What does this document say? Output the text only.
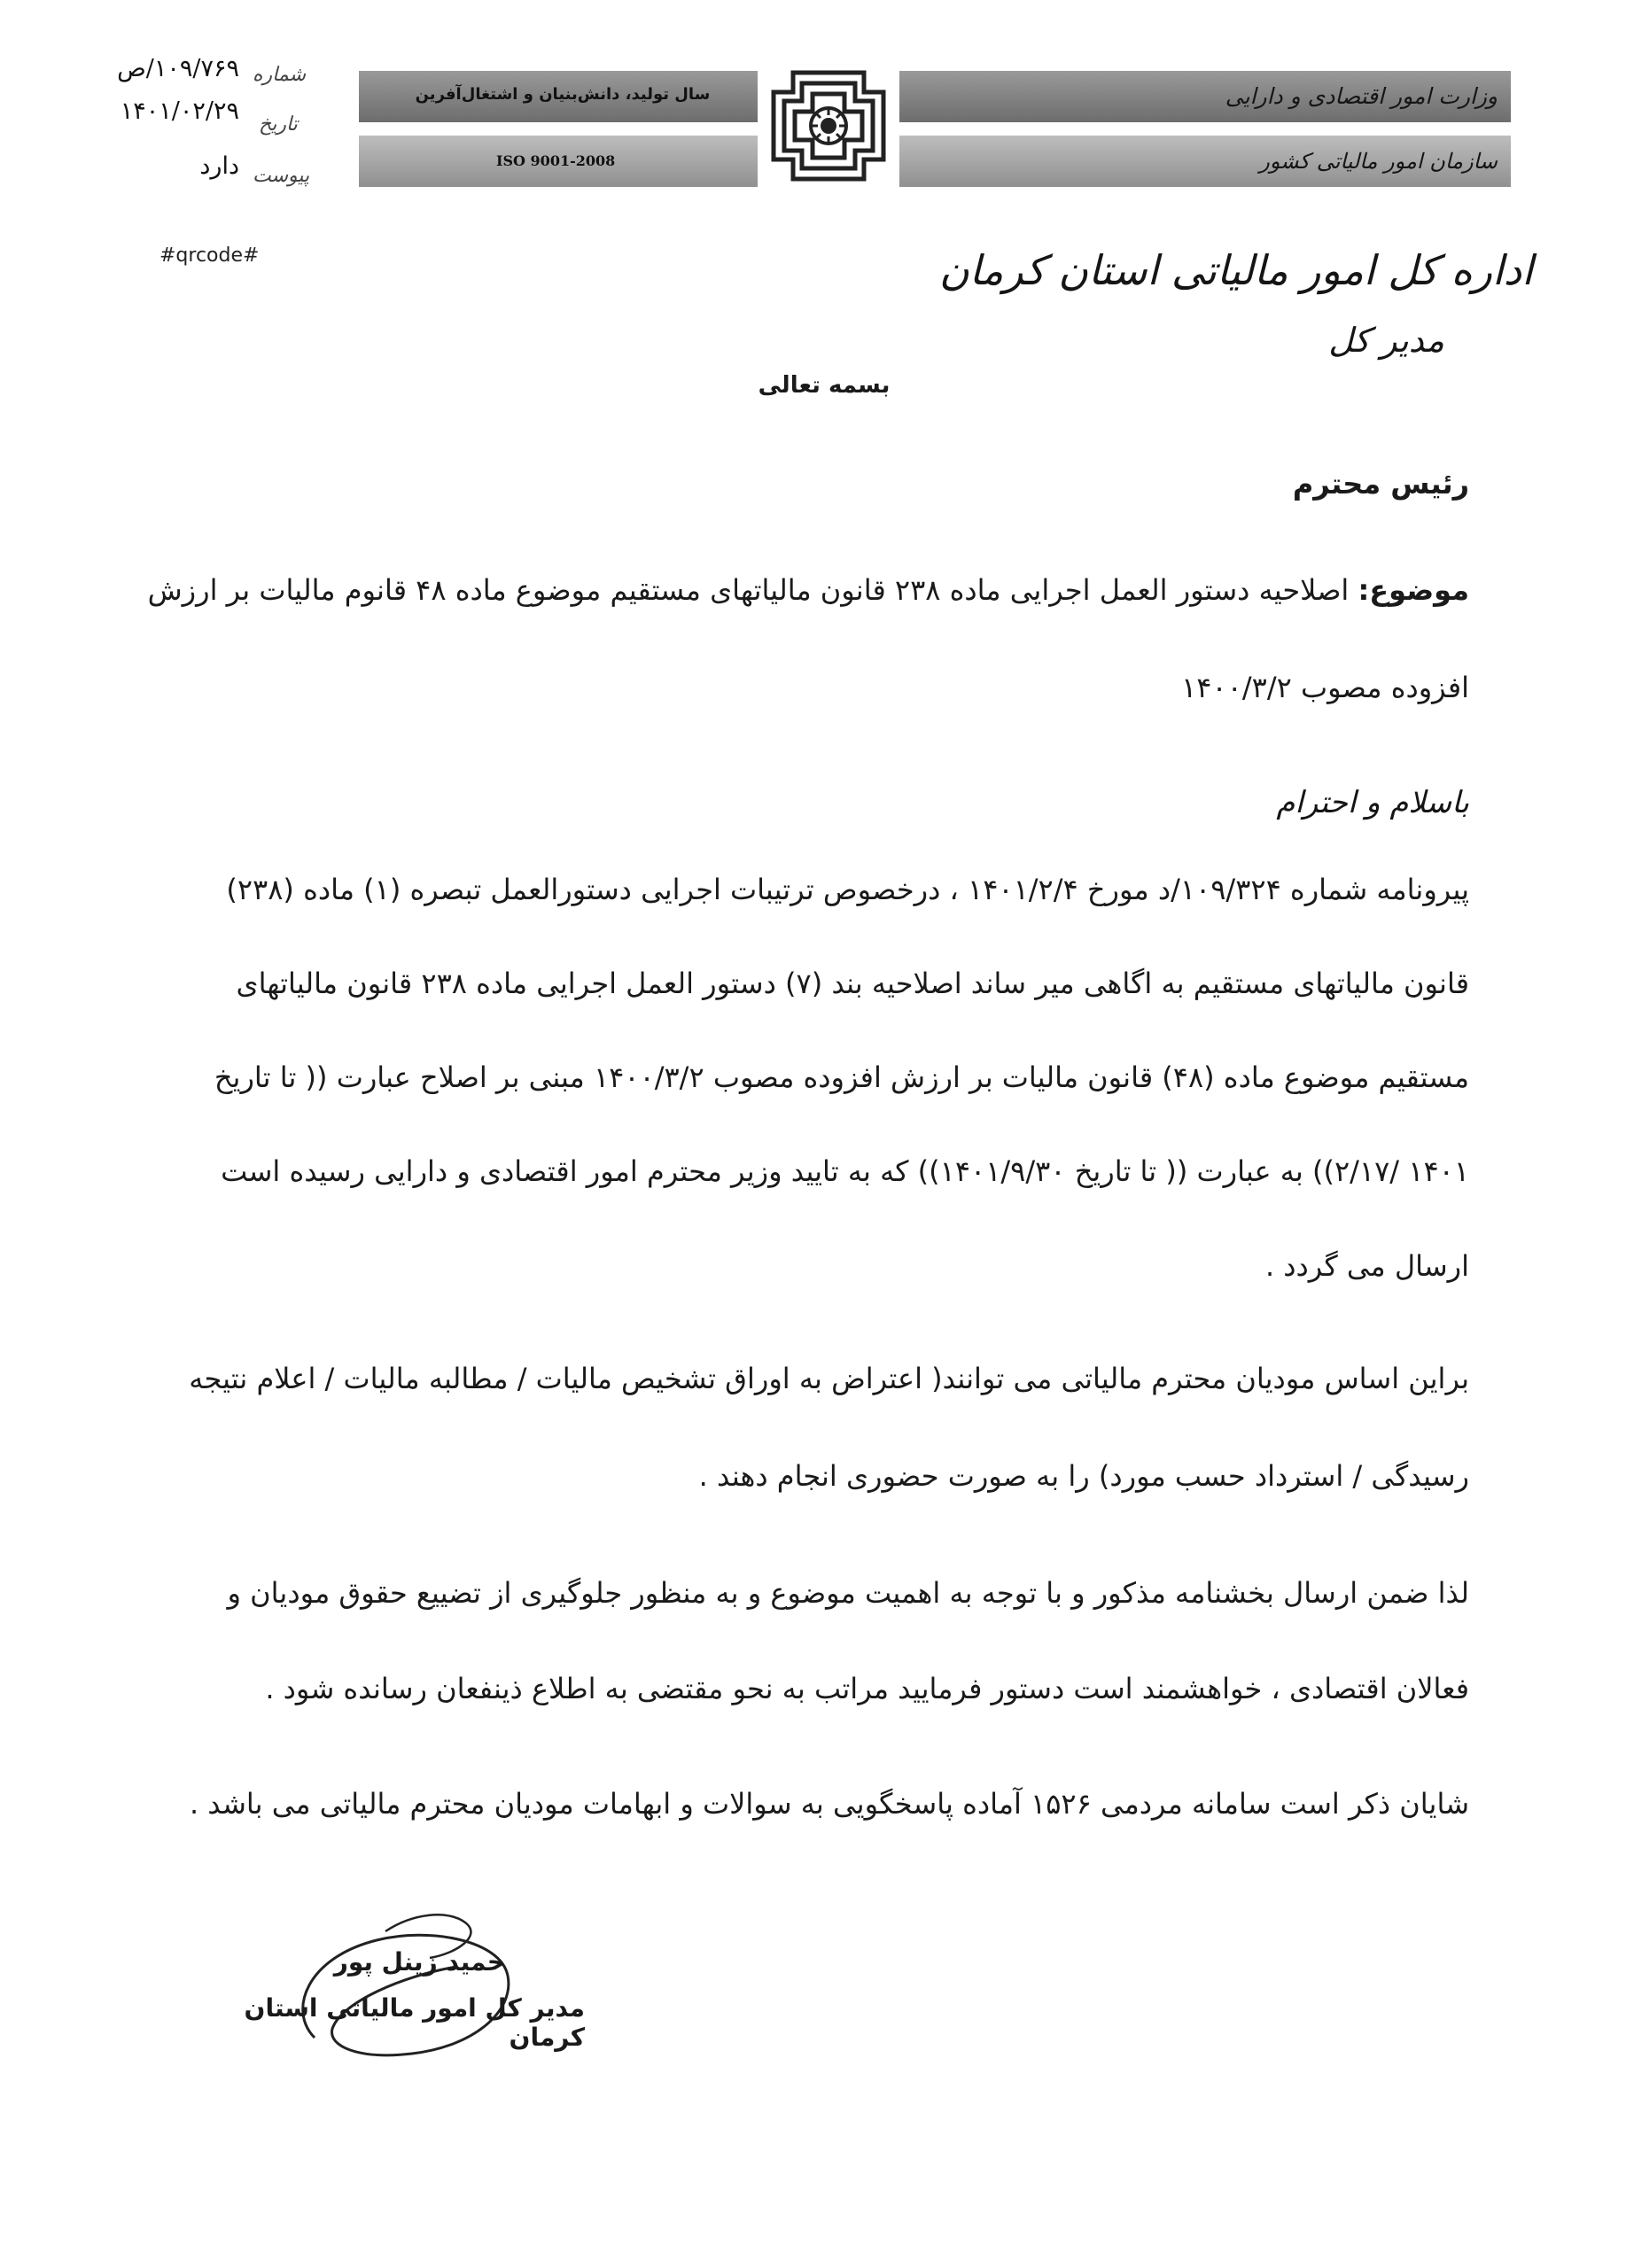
۱۰۹/۷۶۹/ص شماره
۱۴۰۱/۰۲/۲۹ تاریخ
دارد پیوست
#qrcode#
سال تولید، دانش‌بنیان و اشتغال‌آفرین
ISO 9001-2008
وزارت امور اقتصادی و دارایی
سازمان امور مالیاتی کشور
اداره کل امور مالیاتی استان کرمان
مدیر کل
بسمه تعالی
رئیس محترم
موضوع: اصلاحیه دستور العمل اجرایی ماده ۲۳۸ قانون مالیاتهای مستقیم موضوع ماده ۴۸ قانوم مالیات بر ارزش
افزوده مصوب ۱۴۰۰/۳/۲
باسلام و احترام
پیرونامه شماره ۱۰۹/۳۲۴/د مورخ ۱۴۰۱/۲/۴ ، درخصوص ترتیبات اجرایی دستورالعمل تبصره (۱) ماده (۲۳۸)
قانون مالیاتهای مستقیم به اگاهی میر ساند اصلاحیه بند (۷) دستور العمل اجرایی ماده ۲۳۸ قانون مالیاتهای
مستقیم موضوع ماده (۴۸) قانون مالیات بر ارزش افزوده مصوب ۱۴۰۰/۳/۲ مبنی بر اصلاح عبارت (( تا تاریخ
۱۴۰۱ /۲/۱۷)) به عبارت (( تا تاریخ ۱۴۰۱/۹/۳۰)) که به تایید وزیر محترم امور اقتصادی و دارایی رسیده است
ارسال می گردد .
براین اساس مودیان محترم مالیاتی می توانند( اعتراض به اوراق تشخیص مالیات / مطالبه مالیات / اعلام نتیجه
رسیدگی / استرداد حسب مورد) را به صورت حضوری انجام دهند .
لذا ضمن ارسال بخشنامه مذکور و با توجه به اهمیت موضوع و به منظور جلوگیری از تضییع حقوق مودیان و
فعالان اقتصادی ، خواهشمند است دستور فرمایید مراتب به نحو مقتضی به اطلاع ذینفعان رسانده شود .
شایان ذکر است سامانه مردمی ۱۵۲۶ آماده پاسخگویی به سوالات و ابهامات مودیان محترم مالیاتی می باشد .
حمید زینل پور
مدیر کل امور مالیاتی استان کرمان
